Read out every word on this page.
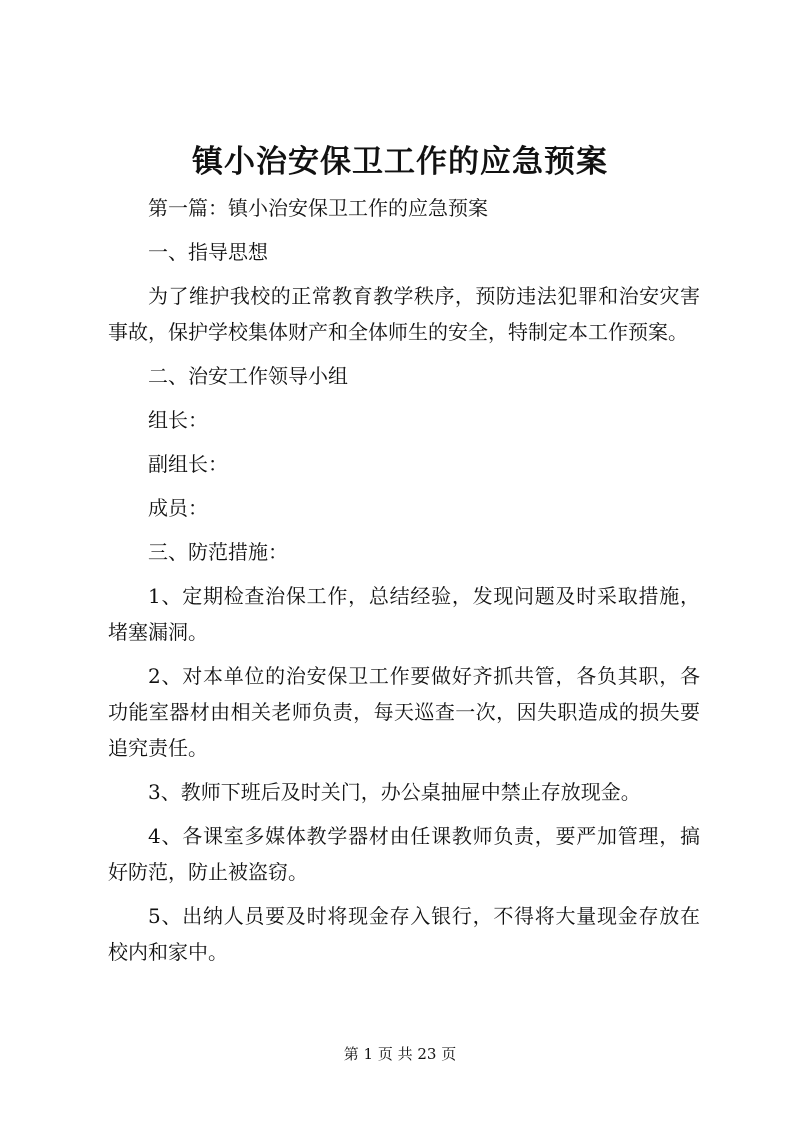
镇小治安保卫工作的应急预案

第一篇：镇小治安保卫工作的应急预案

一、指导思想

为了维护我校的正常教育教学秩序，预防违法犯罪和治安灾害事故，保护学校集体财产和全体师生的安全，特制定本工作预案。

二、治安工作领导小组

组长：

副组长：

成员：

三、防范措施：

1、定期检查治保工作，总结经验，发现问题及时采取措施，堵塞漏洞。

2、对本单位的治安保卫工作要做好齐抓共管，各负其职，各功能室器材由相关老师负责，每天巡查一次，因失职造成的损失要追究责任。

3、教师下班后及时关门，办公桌抽屉中禁止存放现金。

4、各课室多媒体教学器材由任课教师负责，要严加管理，搞好防范，防止被盗窃。

5、出纳人员要及时将现金存入银行，不得将大量现金存放在校内和家中。

第 1 页 共 23 页
